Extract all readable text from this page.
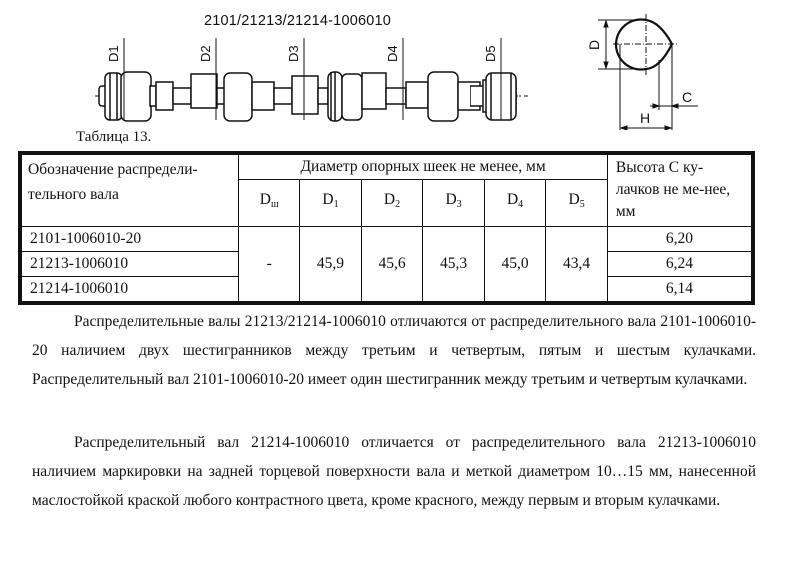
2101/21213/21214-1006010
D1	D2	D3	D4	D5
D
H
C
Таблица 13.
Обозначение распредели-тельного вала	Диаметр опорных шеек не менее, мм						Высота С ку-лачков не ме-нее, мм
	Dш	D1	D2	D3	D4	D5	
2101-1006010-20	-	45,9	45,6	45,3	45,0	43,4	6,20
21213-1006010							6,24
21214-1006010							6,14

Распределительные валы 21213/21214-1006010 отличаются от распределительного вала 2101-1006010-20 наличием двух шестигранников между третьим и четвертым, пятым и шестым кулачками. Распределительный вал 2101-1006010-20 имеет один шестигранник между третьим и четвертым кулачками.

Распределительный вал 21214-1006010 отличается от распределительного вала 21213-1006010 наличием маркировки на задней торцевой поверхности вала и меткой диаметром 10…15 мм, нанесенной маслостойкой краской любого контрастного цвета, кроме красного, между первым и вторым кулачками.
